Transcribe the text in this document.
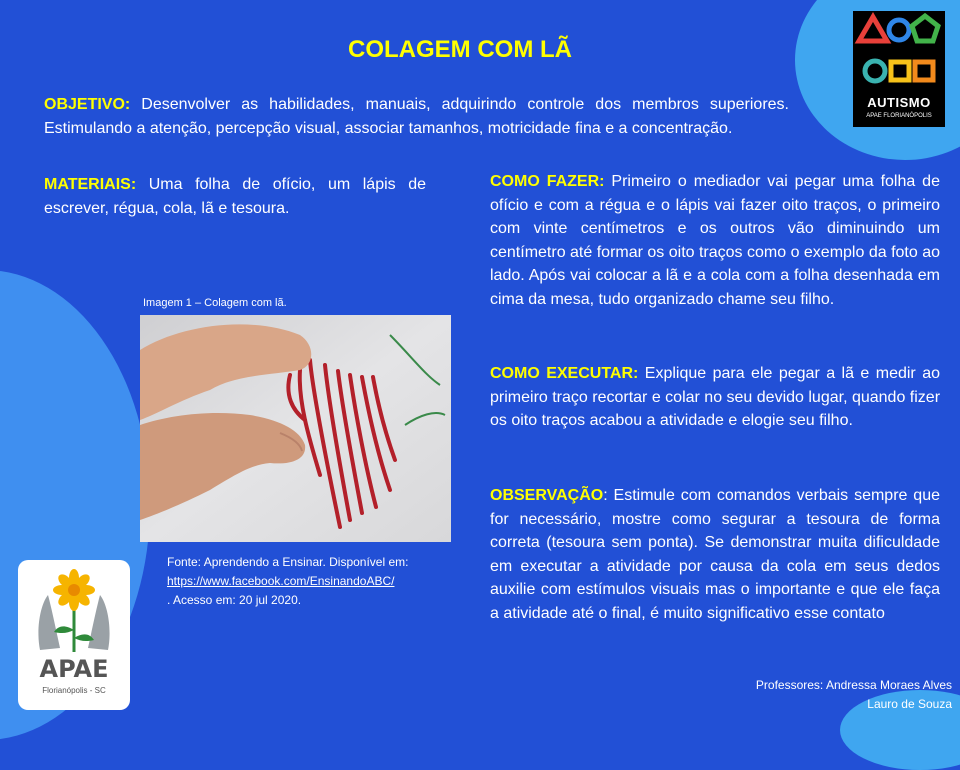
COLAGEM COM LÃ
OBJETIVO: Desenvolver as habilidades, manuais, adquirindo controle dos membros superiores. Estimulando a atenção, percepção visual, associar tamanhos, motricidade fina e a concentração.
MATERIAIS: Uma folha de ofício, um lápis de escrever, régua, cola, lã e tesoura.
COMO FAZER: Primeiro o mediador vai pegar uma folha de ofício e com a régua e o lápis vai fazer oito traços, o primeiro com vinte centímetros e os outros vão diminuindo um centímetro até formar os oito traços como o exemplo da foto ao lado. Após vai colocar a lã e a cola com a folha desenhada em cima da mesa, tudo organizado chame seu filho.
COMO EXECUTAR: Explique para ele pegar a lã e medir ao primeiro traço recortar e colar no seu devido lugar, quando fizer os oito traços acabou a atividade e elogie seu filho.
OBSERVAÇÃO: Estimule com comandos verbais sempre que for necessário, mostre como segurar a tesoura de forma correta (tesoura sem ponta). Se demonstrar muita dificuldade em executar a atividade por causa da cola em seus dedos auxilie com estímulos visuais mas o importante e que ele faça a atividade até o final, é muito significativo esse contato
Imagem 1 – Colagem com lã.
Fonte: Aprendendo a Ensinar. Disponível em:
https://www.facebook.com/EnsinandoABC/
. Acesso em: 20 jul 2020.
Professores: Andressa Moraes Alves
Lauro de Souza
AUTISMO
APAE FLORIANÓPOLIS
APAE
Florianópolis - SC
